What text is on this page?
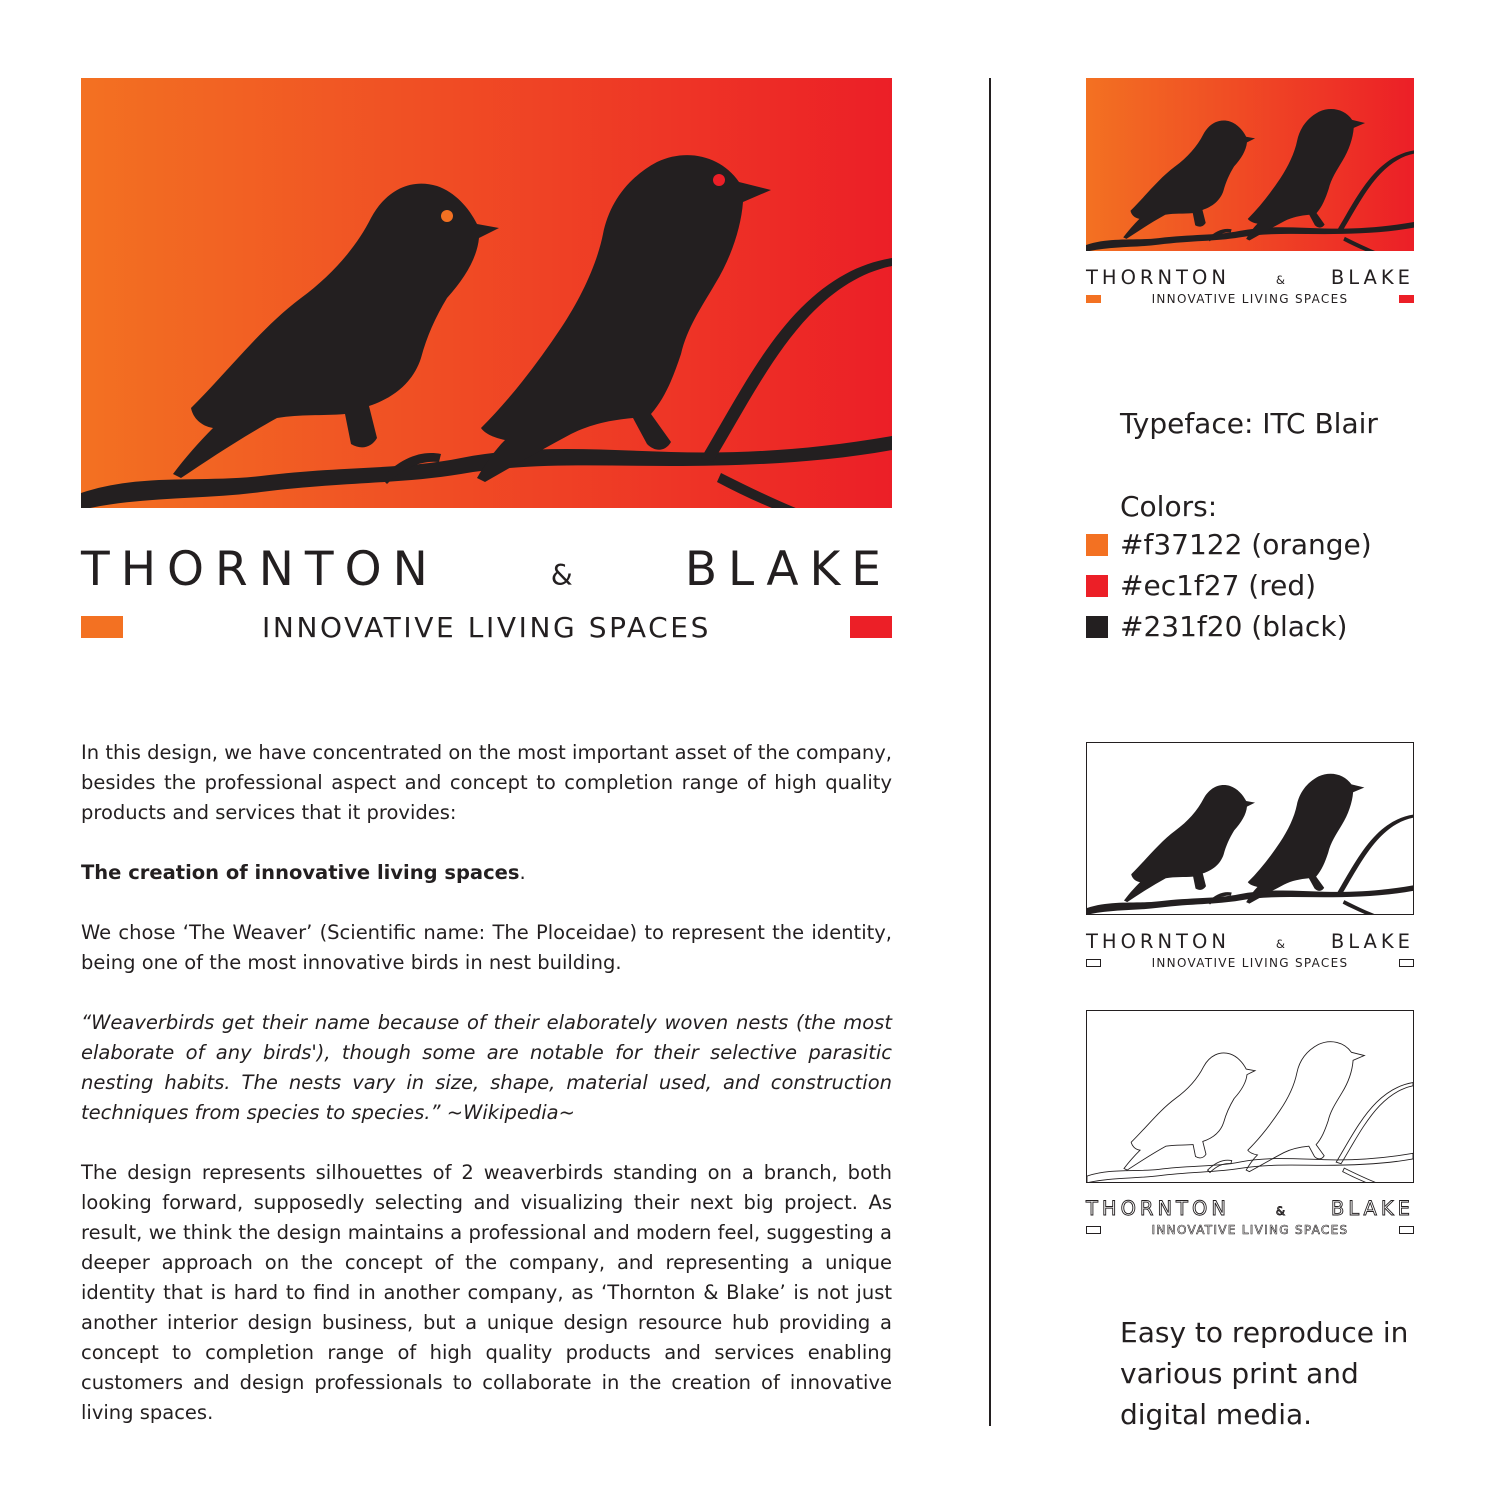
THORNTON	& BLAKE
INNOVATIVE LIVING SPACES

In this design, we have concentrated on the most important asset of the company, besides the professional aspect and concept to completion range of high quality products and services that it provides:

The creation of innovative living spaces.

We chose ‘The Weaver’ (Scientific name: The Ploceidae) to represent the identity, being one of the most innovative birds in nest building.

“Weaverbirds get their name because of their elaborately woven nests (the most elaborate of any birds'), though some are notable for their selective parasitic nesting habits. The nests vary in size, shape, material used, and construction techniques from species to species.” ~Wikipedia~

The design represents silhouettes of 2 weaverbirds standing on a branch, both looking forward, supposedly selecting and visualizing their next big project. As result, we think the design maintains a professional and modern feel, suggesting a deeper approach on the concept of the company, and representing a unique identity that is hard to find in another company, as ‘Thornton & Blake’ is not just another interior design business, but a unique design resource hub providing a concept to completion range of high quality products and services enabling customers and design professionals to collaborate in the creation of innovative living spaces.

THORNTON	& BLAKE
INNOVATIVE LIVING SPACES
Typeface: ITC Blair
Colors:
#f37122 (orange)
#ec1f27 (red)
#231f20 (black)
THORNTON	& BLAKE
INNOVATIVE LIVING SPACES
THORNTON	& BLAKE
INNOVATIVE LIVING SPACES
Easy to reproduce in various print and digital media.
